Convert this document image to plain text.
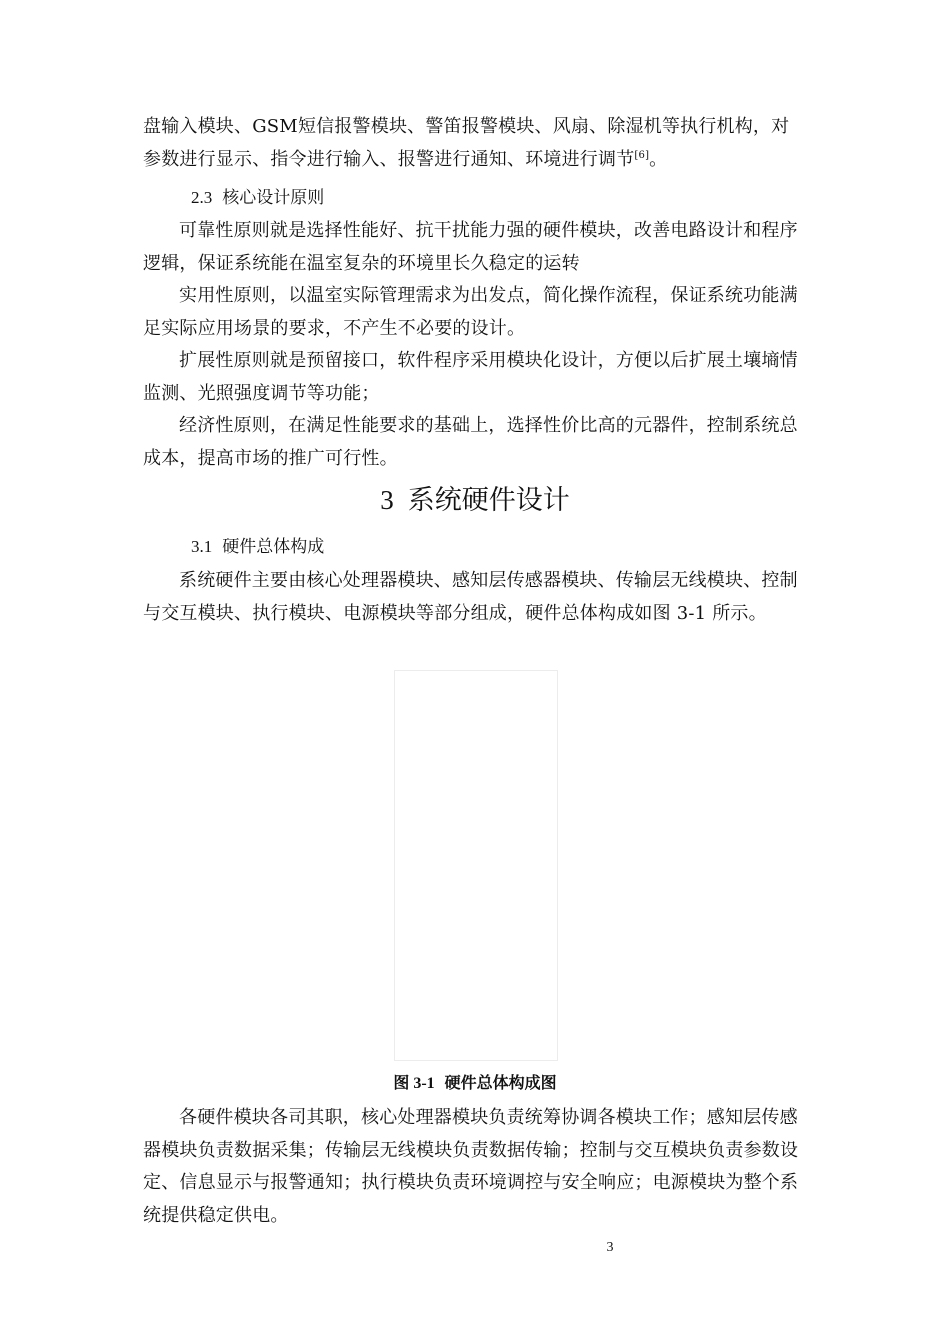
盘输入模块、GSM短信报警模块、警笛报警模块、风扇、除湿机等执行机构，对参数进行显示、指令进行输入、报警进行通知、环境进行调节[6]。

2.3 核心设计原则

可靠性原则就是选择性能好、抗干扰能力强的硬件模块，改善电路设计和程序逻辑，保证系统能在温室复杂的环境里长久稳定的运转

实用性原则，以温室实际管理需求为出发点，简化操作流程，保证系统功能满足实际应用场景的要求，不产生不必要的设计。

扩展性原则就是预留接口，软件程序采用模块化设计，方便以后扩展土壤墒情监测、光照强度调节等功能；

经济性原则，在满足性能要求的基础上，选择性价比高的元器件，控制系统总成本，提高市场的推广可行性。

3 系统硬件设计
3.1 硬件总体构成

系统硬件主要由核心处理器模块、感知层传感器模块、传输层无线模块、控制与交互模块、执行模块、电源模块等部分组成，硬件总体构成如图 3-1 所示。

图 3-1 硬件总体构成图

各硬件模块各司其职，核心处理器模块负责统筹协调各模块工作；感知层传感器模块负责数据采集；传输层无线模块负责数据传输；控制与交互模块负责参数设定、信息显示与报警通知；执行模块负责环境调控与安全响应；电源模块为整个系统提供稳定供电。

3
